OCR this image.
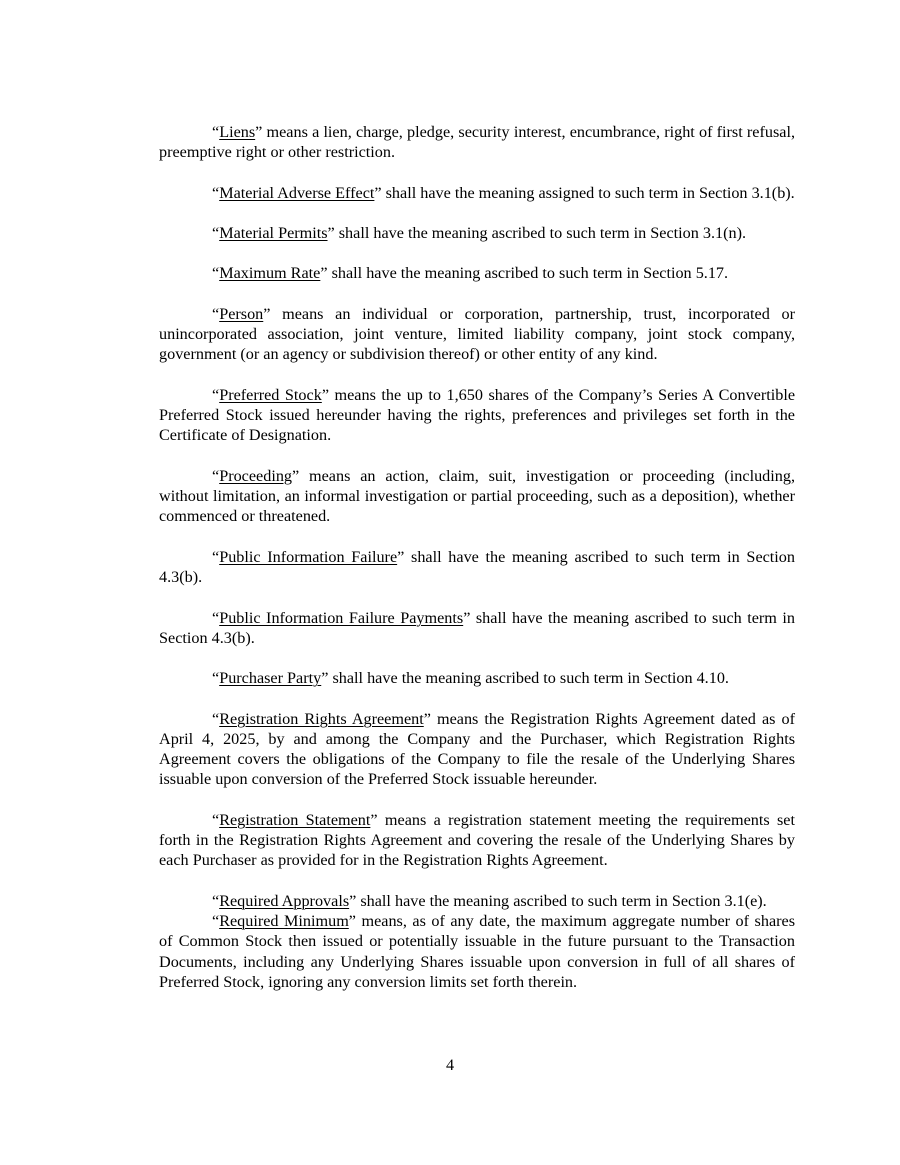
“Liens” means a lien, charge, pledge, security interest, encumbrance, right of first refusal, preemptive right or other restriction.

“Material Adverse Effect” shall have the meaning assigned to such term in Section 3.1(b).

“Material Permits” shall have the meaning ascribed to such term in Section 3.1(n).

“Maximum Rate” shall have the meaning ascribed to such term in Section 5.17.

“Person” means an individual or corporation, partnership, trust, incorporated or unincorporated association, joint venture, limited liability company, joint stock company, government (or an agency or subdivision thereof) or other entity of any kind.

“Preferred Stock” means the up to 1,650 shares of the Company’s Series A Convertible Preferred Stock issued hereunder having the rights, preferences and privileges set forth in the Certificate of Designation.

“Proceeding” means an action, claim, suit, investigation or proceeding (including, without limitation, an informal investigation or partial proceeding, such as a deposition), whether commenced or threatened.

“Public Information Failure” shall have the meaning ascribed to such term in Section 4.3(b).

“Public Information Failure Payments” shall have the meaning ascribed to such term in Section 4.3(b).

“Purchaser Party” shall have the meaning ascribed to such term in Section 4.10.

“Registration Rights Agreement” means the Registration Rights Agreement dated as of April 4, 2025, by and among the Company and the Purchaser, which Registration Rights Agreement covers the obligations of the Company to file the resale of the Underlying Shares issuable upon conversion of the Preferred Stock issuable hereunder.

“Registration Statement” means a registration statement meeting the requirements set forth in the Registration Rights Agreement and covering the resale of the Underlying Shares by each Purchaser as provided for in the Registration Rights Agreement.

“Required Approvals” shall have the meaning ascribed to such term in Section 3.1(e).

“Required Minimum” means, as of any date, the maximum aggregate number of shares of Common Stock then issued or potentially issuable in the future pursuant to the Transaction Documents, including any Underlying Shares issuable upon conversion in full of all shares of Preferred Stock, ignoring any conversion limits set forth therein.

4
